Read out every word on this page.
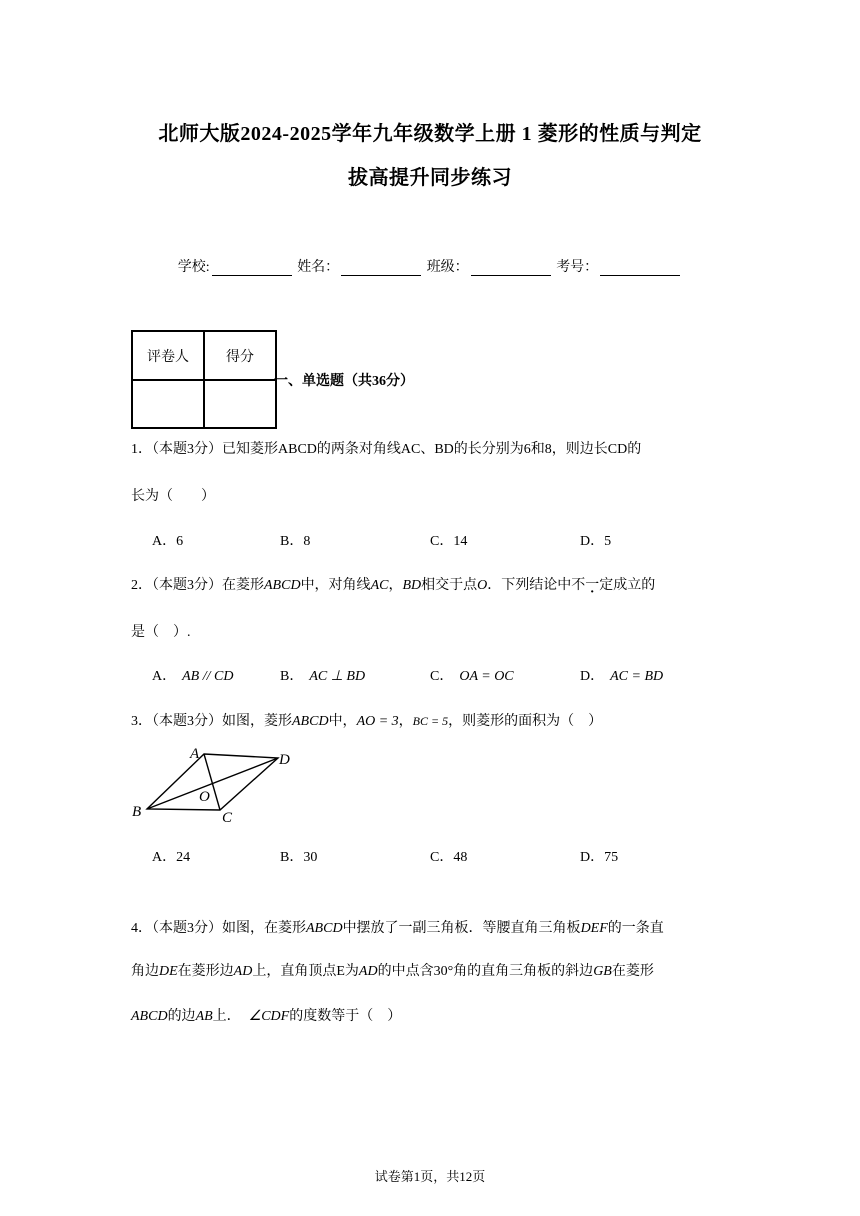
北师大版2024-2025学年九年级数学上册 1 菱形的性质与判定
拔高提升同步练习
学校:	姓名：	班级：	考号：
评卷人	得分

一、单选题（共36分）
1．（本题3分）已知菱形ABCD的两条对角线AC、BD的长分别为6和8，则边长CD的
长为（　　）
A．6	B．8	C．14	D．5
2．（本题3分）在菱形ABCD中，对角线AC，BD相交于点O．下列结论中不一定成立的
是（　）.
A． AB // CD	B． AC ⊥ BD	C． OA = OC	D． AC = BD
3．（本题3分）如图，菱形ABCD中，AO = 3，BC = 5，则菱形的面积为（　）
A	D
B	C
O
A．24	B．30	C．48	D．75
4．（本题3分）如图，在菱形ABCD中摆放了一副三角板．等腰直角三角板DEF的一条直
角边DE在菱形边AD上，直角顶点E为AD的中点含30°角的直角三角板的斜边GB在菱形
ABCD的边AB上． ∠CDF的度数等于（　）
试卷第1页，共12页
